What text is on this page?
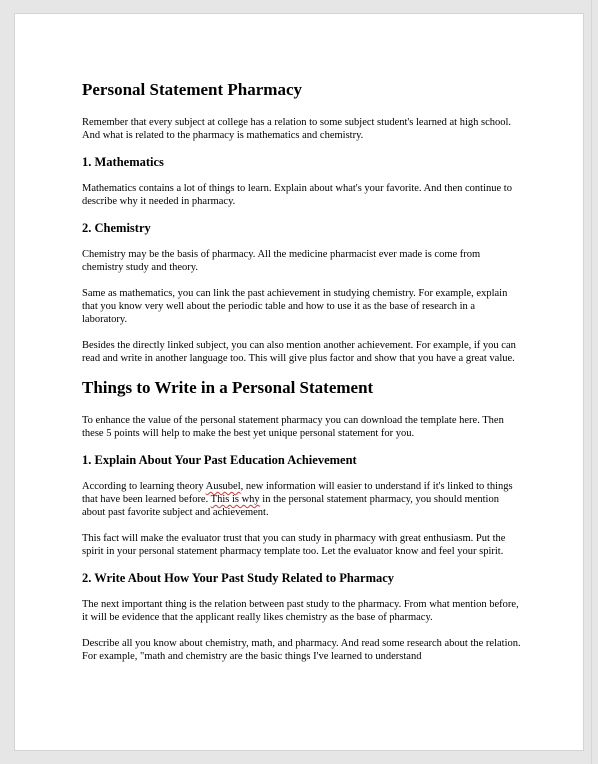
Personal Statement Pharmacy

Remember that every subject at college has a relation to some subject student's learned at high school. And what is related to the pharmacy is mathematics and chemistry.

1. Mathematics

Mathematics contains a lot of things to learn. Explain about what's your favorite. And then continue to describe why it needed in pharmacy.

2. Chemistry

Chemistry may be the basis of pharmacy. All the medicine pharmacist ever made is come from chemistry study and theory.

Same as mathematics, you can link the past achievement in studying chemistry. For example, explain that you know very well about the periodic table and how to use it as the base of research in a laboratory.

Besides the directly linked subject, you can also mention another achievement. For example, if you can read and write in another language too. This will give plus factor and show that you have a great value.

Things to Write in a Personal Statement

To enhance the value of the personal statement pharmacy you can download the template here. Then these 5 points will help to make the best yet unique personal statement for you.

1. Explain About Your Past Education Achievement

According to learning theory Ausubel, new information will easier to understand if it's linked to things that have been learned before. This is why in the personal statement pharmacy, you should mention about past favorite subject and achievement.

This fact will make the evaluator trust that you can study in pharmacy with great enthusiasm. Put the spirit in your personal statement pharmacy template too. Let the evaluator know and feel your spirit.

2. Write About How Your Past Study Related to Pharmacy

The next important thing is the relation between past study to the pharmacy. From what mention before, it will be evidence that the applicant really likes chemistry as the base of pharmacy.

Describe all you know about chemistry, math, and pharmacy. And read some research about the relation. For example, "math and chemistry are the basic things I've learned to understand
